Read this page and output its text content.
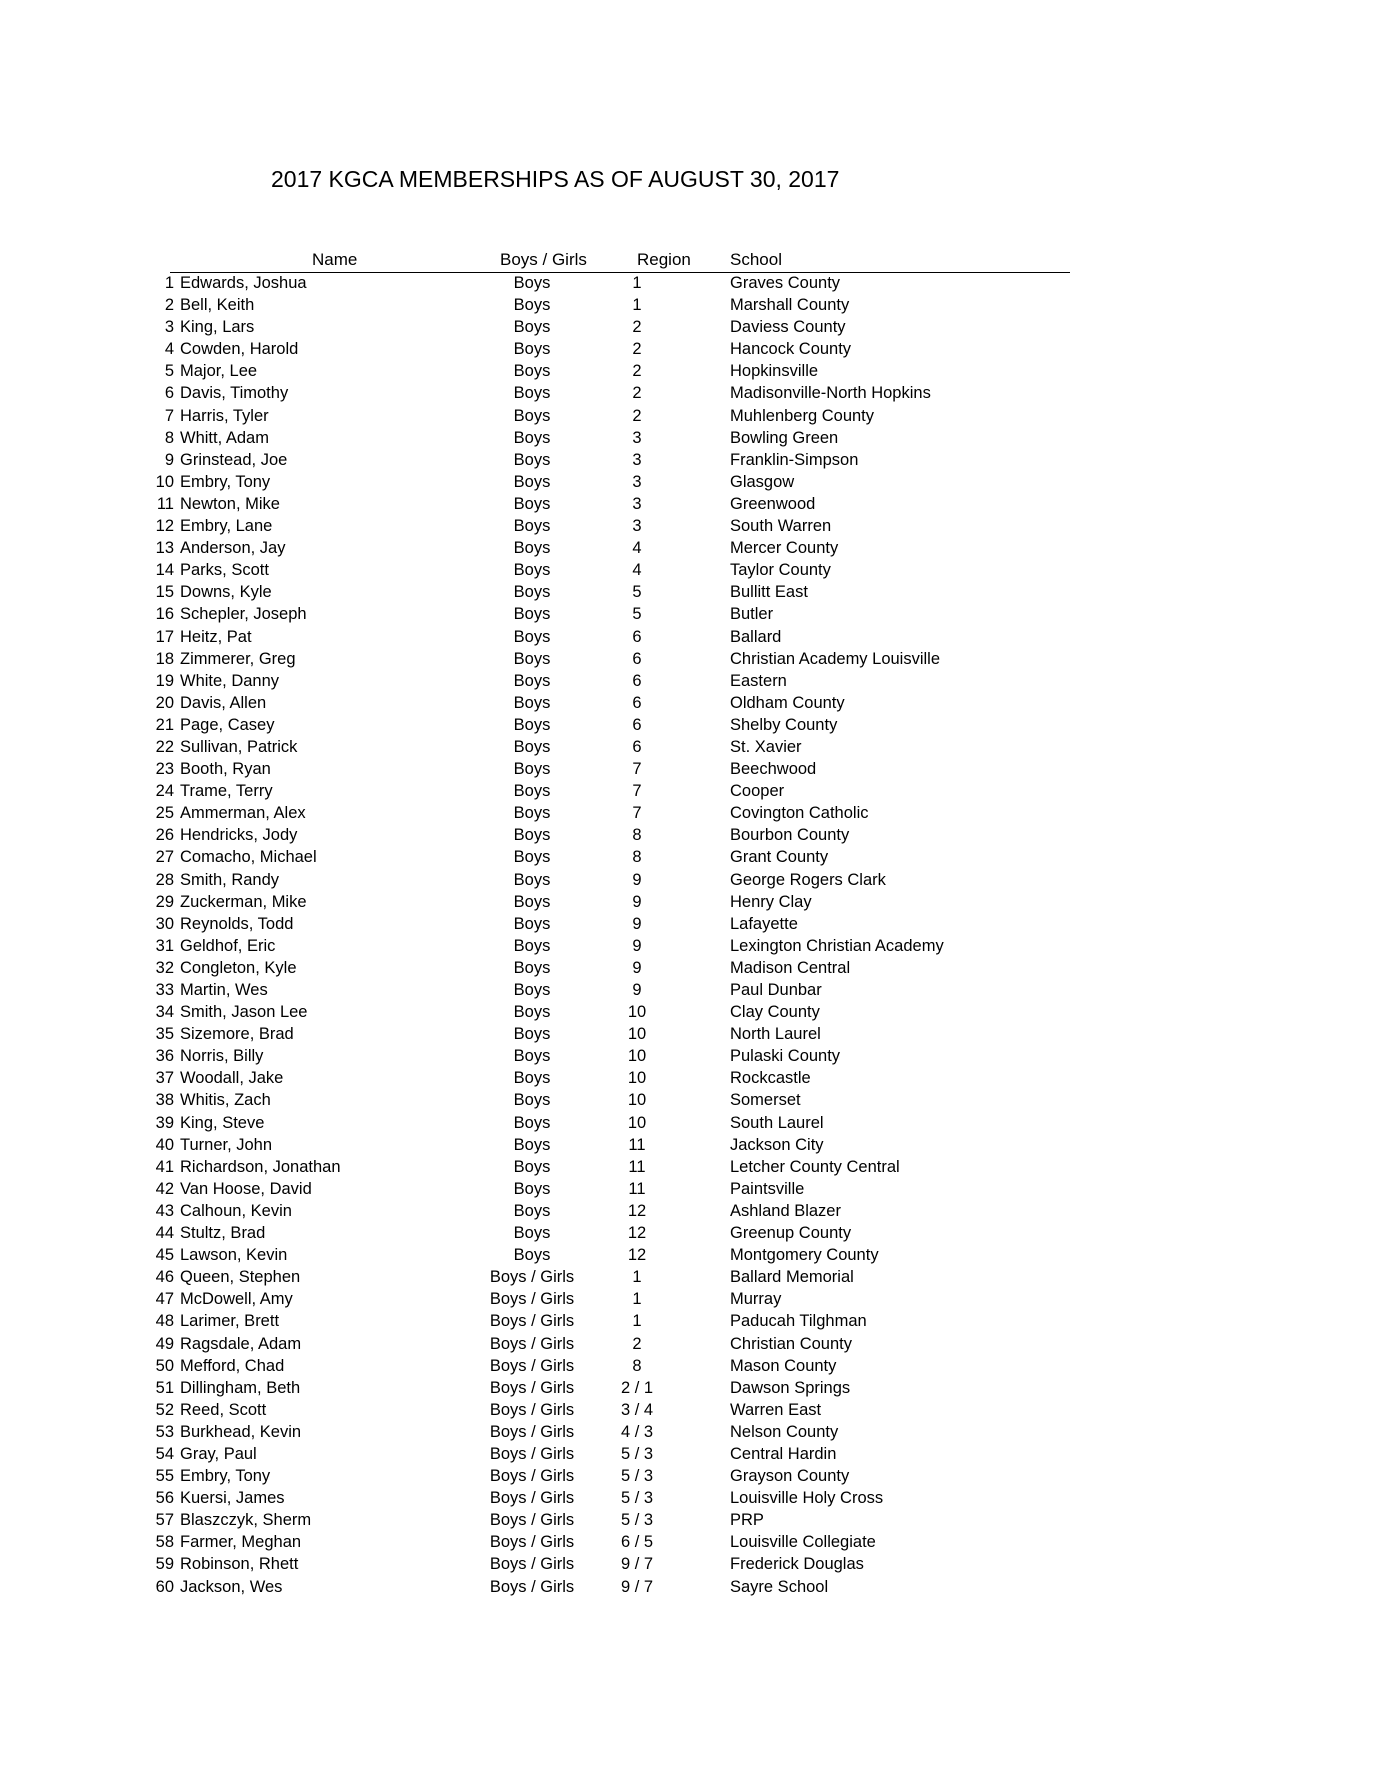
2017 KGCA MEMBERSHIPS AS OF AUGUST 30, 2017
Name	Boys / Girls	Region School
1 Edwards, Joshua	Boys	1	Graves County
2 Bell, Keith	Boys	1	Marshall County
3 King, Lars	Boys	2	Daviess County
4 Cowden, Harold	Boys	2	Hancock County
5 Major, Lee	Boys	2	Hopkinsville
6 Davis, Timothy	Boys	2	Madisonville-North Hopkins
7 Harris, Tyler	Boys	2	Muhlenberg County
8 Whitt, Adam	Boys	3	Bowling Green
9 Grinstead, Joe	Boys	3	Franklin-Simpson
10 Embry, Tony	Boys	3	Glasgow
11 Newton, Mike	Boys	3	Greenwood
12 Embry, Lane	Boys	3	South Warren
13 Anderson, Jay	Boys	4	Mercer County
14 Parks, Scott	Boys	4	Taylor County
15 Downs, Kyle	Boys	5	Bullitt East
16 Schepler, Joseph	Boys	5	Butler
17 Heitz, Pat	Boys	6	Ballard
18 Zimmerer, Greg	Boys	6	Christian Academy Louisville
19 White, Danny	Boys	6	Eastern
20 Davis, Allen	Boys	6	Oldham County
21 Page, Casey	Boys	6	Shelby County
22 Sullivan, Patrick	Boys	6	St. Xavier
23 Booth, Ryan	Boys	7	Beechwood
24 Trame, Terry	Boys	7	Cooper
25 Ammerman, Alex	Boys	7	Covington Catholic
26 Hendricks, Jody	Boys	8	Bourbon County
27 Comacho, Michael	Boys	8	Grant County
28 Smith, Randy	Boys	9	George Rogers Clark
29 Zuckerman, Mike	Boys	9	Henry Clay
30 Reynolds, Todd	Boys	9	Lafayette
31 Geldhof, Eric	Boys	9	Lexington Christian Academy
32 Congleton, Kyle	Boys	9	Madison Central
33 Martin, Wes	Boys	9	Paul Dunbar
34 Smith, Jason Lee	Boys	10	Clay County
35 Sizemore, Brad	Boys	10	North Laurel
36 Norris, Billy	Boys	10	Pulaski County
37 Woodall, Jake	Boys	10	Rockcastle
38 Whitis, Zach	Boys	10	Somerset
39 King, Steve	Boys	10	South Laurel
40 Turner, John	Boys	11	Jackson City
41 Richardson, Jonathan	Boys	11	Letcher County Central
42 Van Hoose, David	Boys	11	Paintsville
43 Calhoun, Kevin	Boys	12	Ashland Blazer
44 Stultz, Brad	Boys	12	Greenup County
45 Lawson, Kevin	Boys	12	Montgomery County
46 Queen, Stephen	Boys / Girls	1	Ballard Memorial
47 McDowell, Amy	Boys / Girls	1	Murray
48 Larimer, Brett	Boys / Girls	1	Paducah Tilghman
49 Ragsdale, Adam	Boys / Girls	2	Christian County
50 Mefford, Chad	Boys / Girls	8	Mason County
51 Dillingham, Beth	Boys / Girls	2 / 1	Dawson Springs
52 Reed, Scott	Boys / Girls	3 / 4	Warren East
53 Burkhead, Kevin	Boys / Girls	4 / 3	Nelson County
54 Gray, Paul	Boys / Girls	5 / 3	Central Hardin
55 Embry, Tony	Boys / Girls	5 / 3	Grayson County
56 Kuersi, James	Boys / Girls	5 / 3	Louisville Holy Cross
57 Blaszczyk, Sherm	Boys / Girls	5 / 3	PRP
58 Farmer, Meghan	Boys / Girls	6 / 5	Louisville Collegiate
59 Robinson, Rhett	Boys / Girls	9 / 7	Frederick Douglas
60 Jackson, Wes	Boys / Girls	9 / 7	Sayre School
